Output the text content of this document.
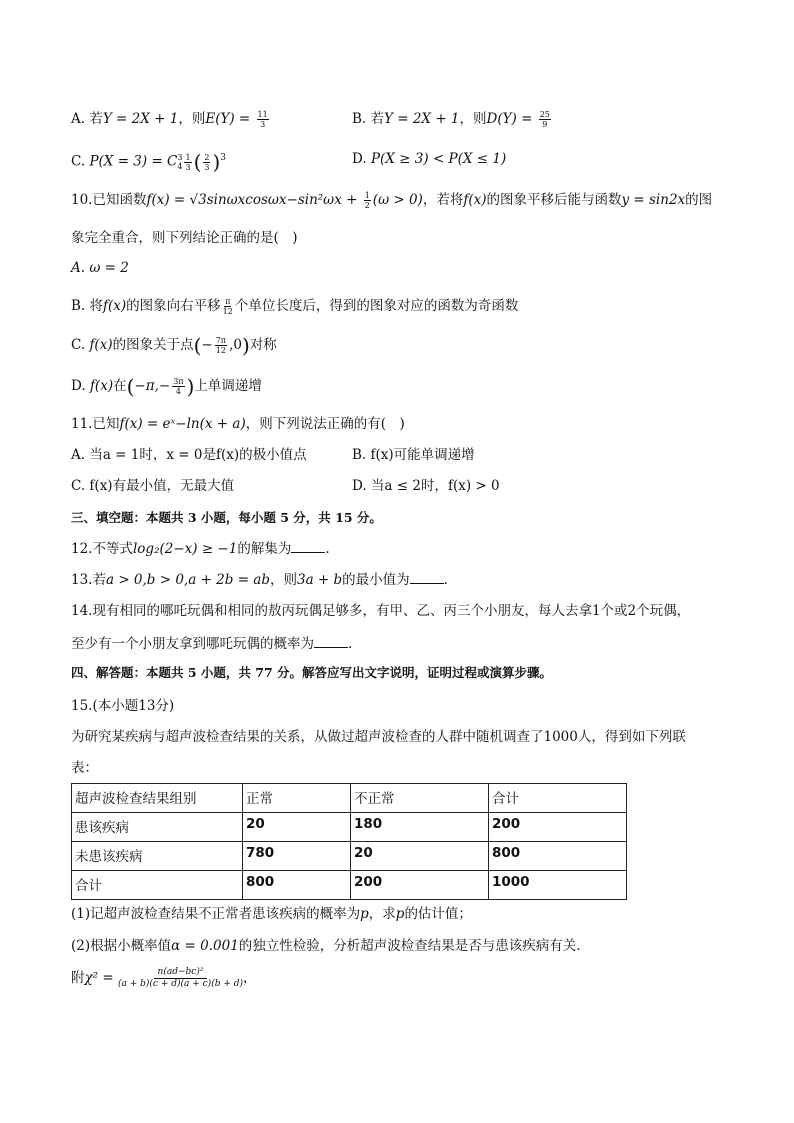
A. 若Y = 2X + 1，则$E(Y) = \frac{11}{3}$	B. 若Y = 2X + 1，则$D(Y) = \frac{25}{9}$
C. P(X = 3) = C 3
$4 \frac{1}{3}$ ( $\frac{2}{3} )^3$	D. P(X ≥ 3) < P(X ≤ 1)
10.已知函数$f(x) = √3\sin\omega xcos\omega x-\sin^2\omega x + \frac{1}{2} (\omega > 0)$，若将f(x)的图象平移后能与函数y = sin2x的图
象完全重合，则下列结论正确的是(　)
A. ω = 2
B. 将f(x)的图象向右平移 $\frac{\pi}{12}$ 个单位长度后，得到的图象对应的函数为奇函数
C. f(x)的图象关于点(− $\frac{7\pi}{12} ,0$)对称
D. f(x)在($-\pi,- \frac{3\pi}{4}$ )上单调递增
11.已知f(x) = eˣ−ln(x + a)，则下列说法正确的有(　)
A. 当a = 1时，x = 0是f(x)的极小值点	B. f(x)可能单调递增
C. f(x)有最小值，无最大值	D. 当a ≤ 2时，f(x) > 0
三、填空题：本题共 3 小题，每小题 5 分，共 15 分。
12.不等式log₂(2−x) ≥ −1的解集为	.
13.若a > 0,b > 0,a + 2b = ab，则3a + b的最小值为	.
14.现有相同的哪吒玩偶和相同的敖丙玩偶足够多，有甲、乙、丙三个小朋友，每人去拿1个或2个玩偶，
至少有一个小朋友拿到哪吒玩偶的概率为	.
四、解答题：本题共 5 小题，共 77 分。解答应写出文字说明，证明过程或演算步骤。
15.(本小题13分)
为研究某疾病与超声波检查结果的关系，从做过超声波检查的人群中随机调查了1000人，得到如下列联
表：
超声波检查结果组别	正常	不正常	合计
患该疾病	20	180	200
未患该疾病	780	20	800
合计	800	200	1000
(1)记超声波检查结果不正常者患该疾病的概率为p，求p的估计值；
(2)根据小概率值α = 0.001的独立性检验，分析超声波检查结果是否与患该疾病有关．
附$\chi^2 = \frac{\text{n(ad−bc)²}}{(a + b)(c + d)(a + c)(b + d)}$ ，
